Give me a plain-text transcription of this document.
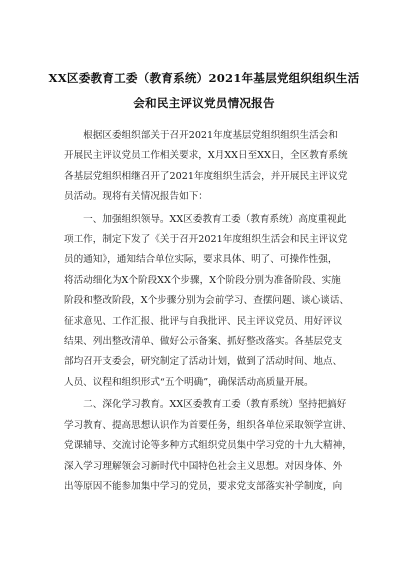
XX区委教育工委（教育系统）2021年基层党组织组织生活
会和民主评议党员情况报告
　　根据区委组织部关于召开2021年度基层党组织组织生活会和
开展民主评议党员工作相关要求，X月XX日至XX日，全区教育系统
各基层党组织相继召开了2021年度组织生活会，并开展民主评议党
员活动。现将有关情况报告如下：
　　一、加强组织领导。XX区委教育工委（教育系统）高度重视此
项工作，制定下发了《关于召开2021年度组织生活会和民主评议党
员的通知》，通知结合单位实际，要求具体、明了、可操作性强，
将活动细化为X个阶段XX个步骤，X个阶段分别为准备阶段、实施
阶段和整改阶段，X个步骤分别为会前学习、查摆问题、谈心谈话、
征求意见、工作汇报、批评与自我批评、民主评议党员、用好评议
结果、列出整改清单、做好公示备案、抓好整改落实。各基层党支
部均召开支委会，研究制定了活动计划，做到了活动时间、地点、
人员、议程和组织形式“五个明确”，确保活动高质量开展。
　　二、深化学习教育。XX区委教育工委（教育系统）坚持把搞好
学习教育、提高思想认识作为首要任务，组织各单位采取领学宣讲、
党课辅导、交流讨论等多种方式组织党员集中学习党的十九大精神，
深入学习理解领会习新时代中国特色社会主义思想。对因身体、外
出等原因不能参加集中学习的党员，要求党支部落实补学制度，向
